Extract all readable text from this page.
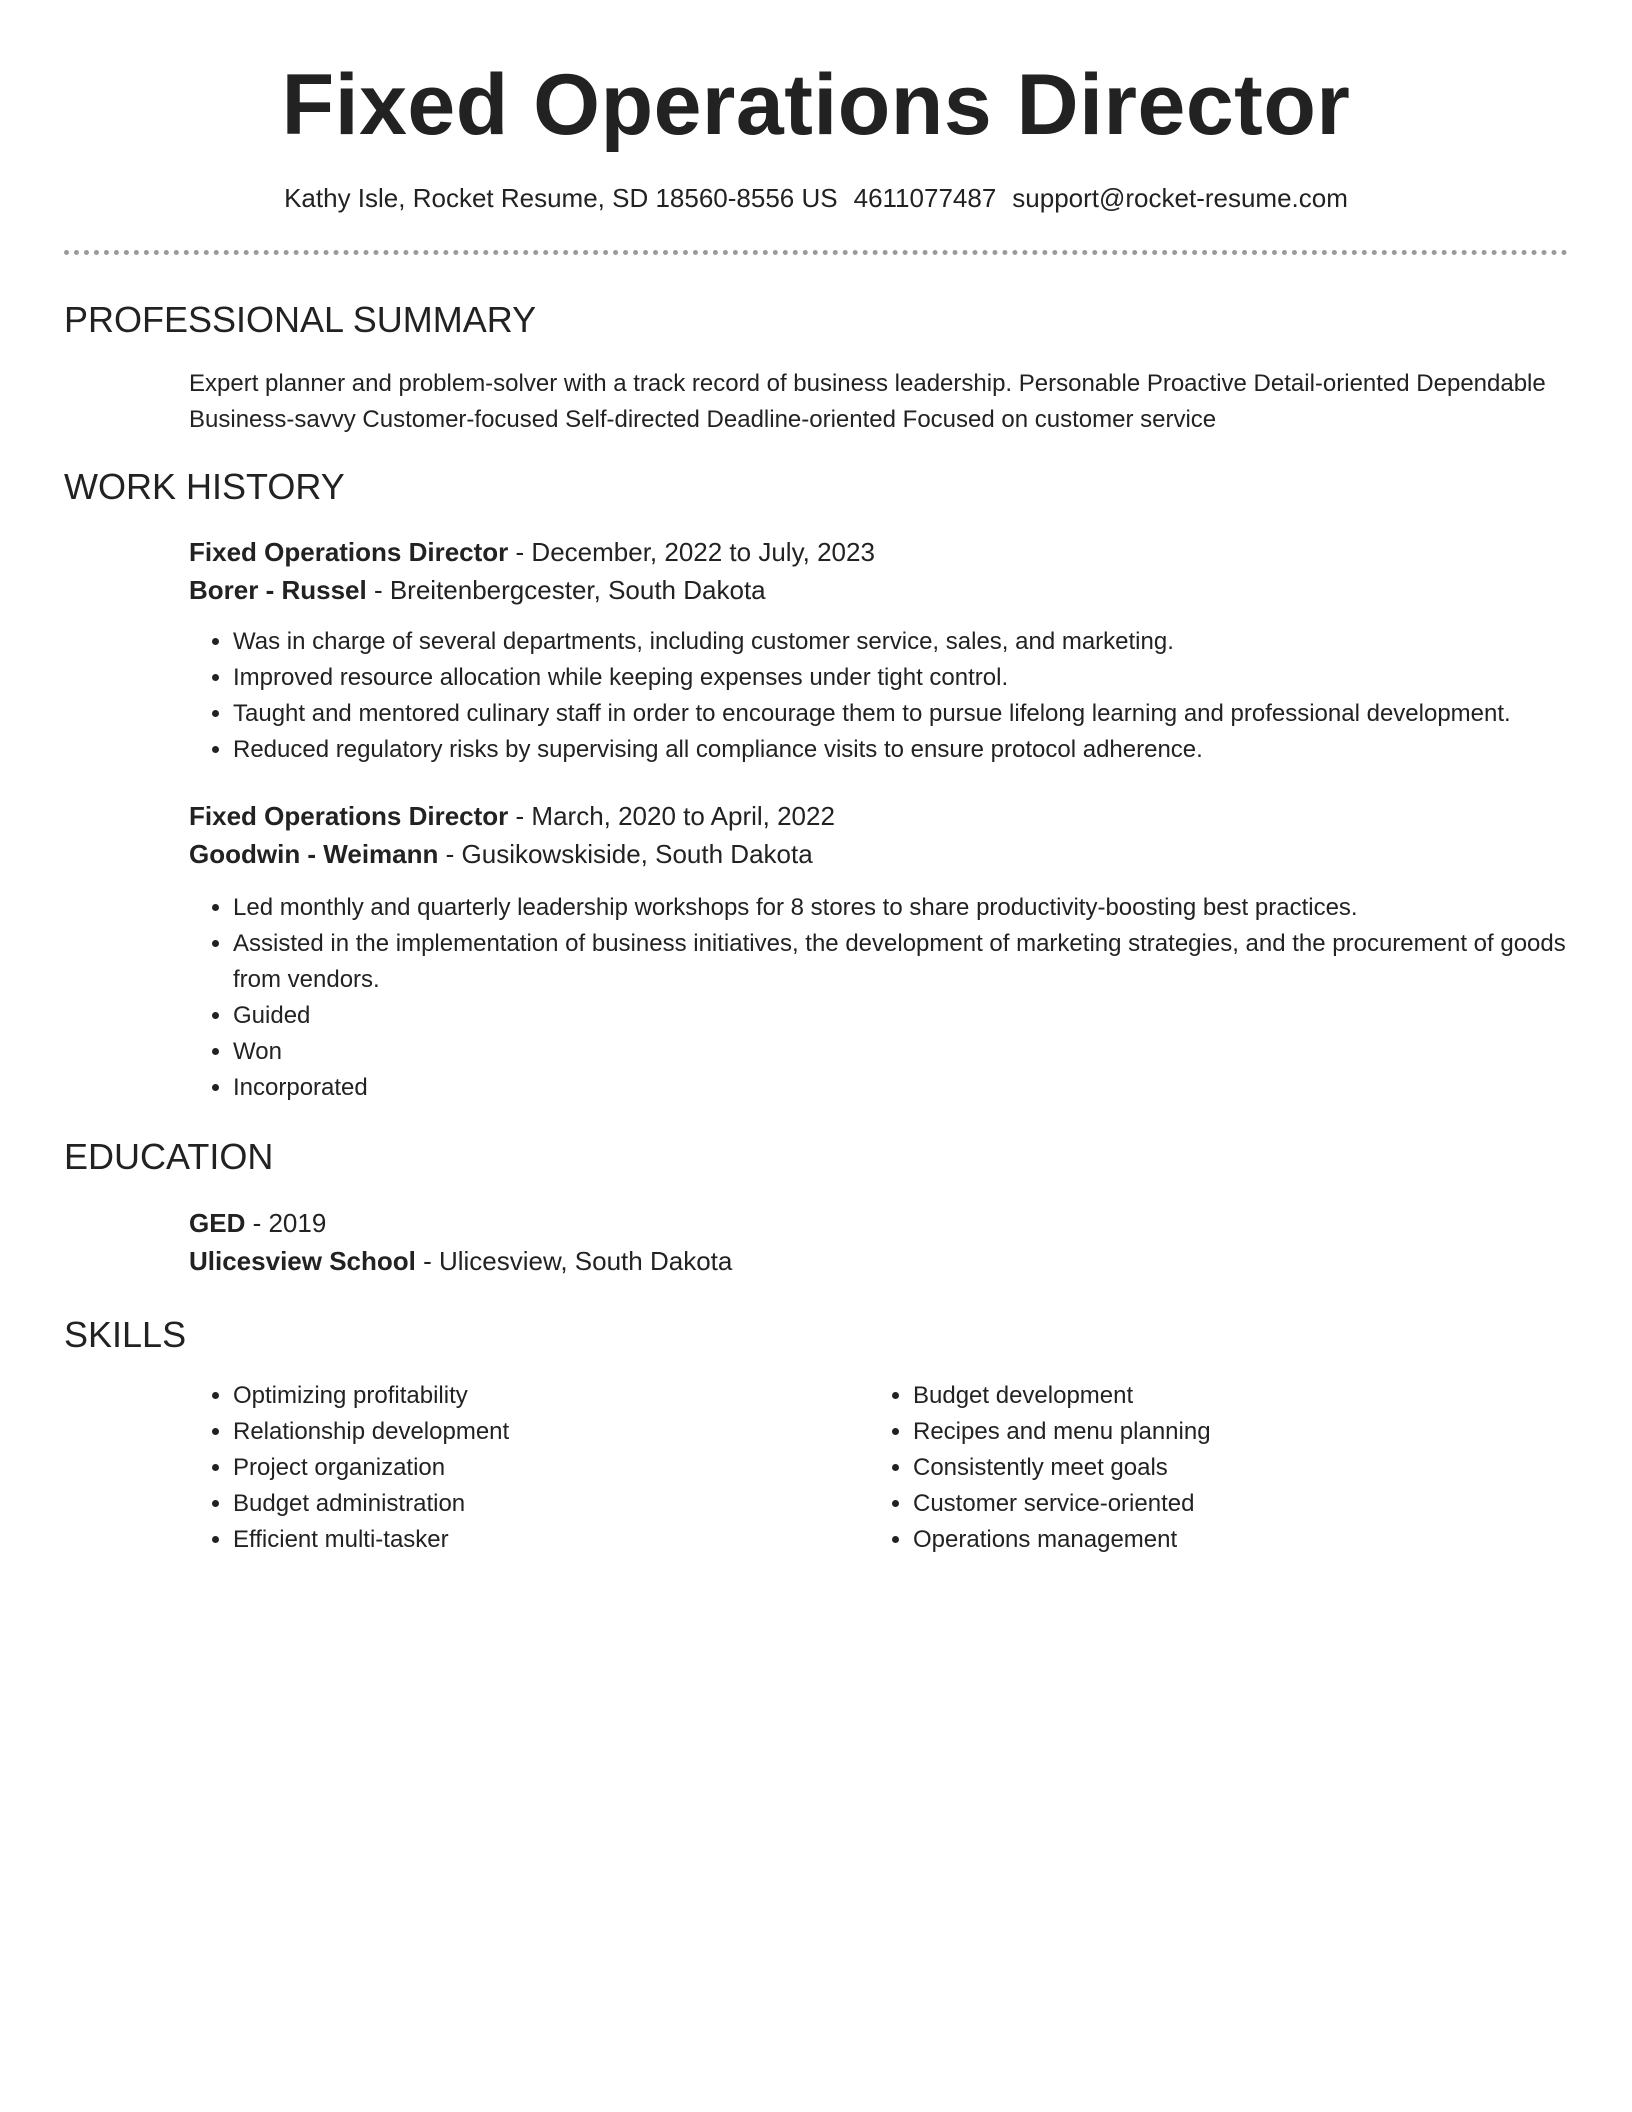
Fixed Operations Director
Kathy Isle, Rocket Resume, SD 18560-8556 US 4611077487 support@rocket-resume.com
PROFESSIONAL SUMMARY
Expert planner and problem-solver with a track record of business leadership. Personable Proactive Detail-oriented Dependable Business-savvy Customer-focused Self-directed Deadline-oriented Focused on customer service
WORK HISTORY
Fixed Operations Director - December, 2022 to July, 2023
Borer - Russel - Breitenbergcester, South Dakota
• Was in charge of several departments, including customer service, sales, and marketing.
• Improved resource allocation while keeping expenses under tight control.
• Taught and mentored culinary staff in order to encourage them to pursue lifelong learning and professional development.
• Reduced regulatory risks by supervising all compliance visits to ensure protocol adherence.
Fixed Operations Director - March, 2020 to April, 2022
Goodwin - Weimann - Gusikowskiside, South Dakota
• Led monthly and quarterly leadership workshops for 8 stores to share productivity-boosting best practices.
• Assisted in the implementation of business initiatives, the development of marketing strategies, and the procurement of goods from vendors.
• Guided
• Won
• Incorporated
EDUCATION
GED - 2019
Ulicesview School - Ulicesview, South Dakota
SKILLS
• Optimizing profitability
• Relationship development
• Project organization
• Budget administration
• Efficient multi-tasker
• Budget development
• Recipes and menu planning
• Consistently meet goals
• Customer service-oriented
• Operations management
